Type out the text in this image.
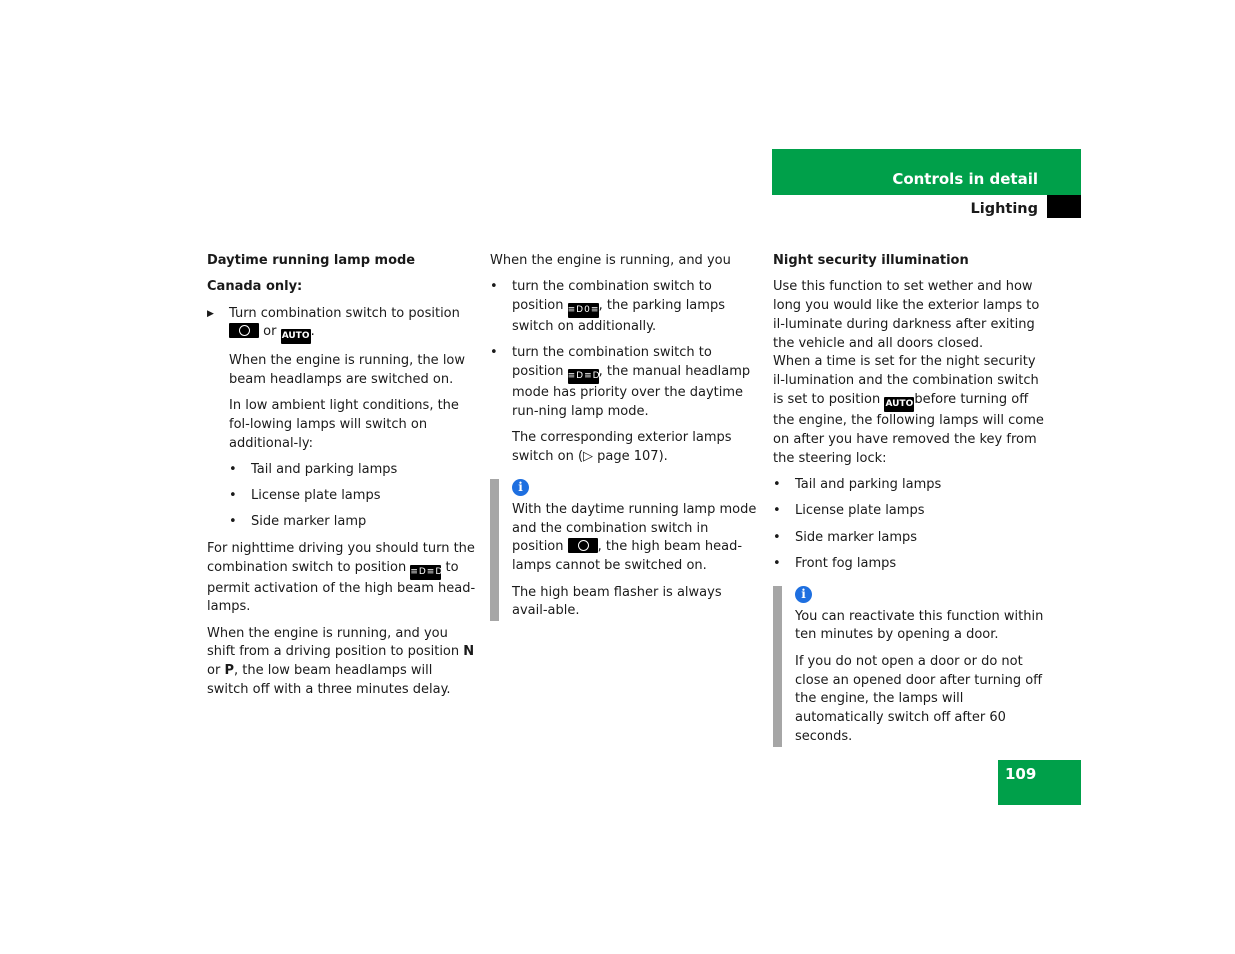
Controls in detail
Lighting

Daytime running lamp mode

Canada only:

▶ Turn combination switch to position  or AUTO.

When the engine is running, the low beam headlamps are switched on.

In low ambient light conditions, the fol-lowing lamps will switch on additional-ly:

• Tail and parking lamps
• License plate lamps
• Side marker lamp

For nighttime driving you should turn the combination switch to position ≡D≡D to permit activation of the high beam head-lamps.

When the engine is running, and you shift from a driving position to position N or P, the low beam headlamps will switch off with a three minutes delay.

When the engine is running, and you

• turn the combination switch to position ≡D0≡, the parking lamps switch on additionally.
• turn the combination switch to position ≡D≡D, the manual headlamp mode has priority over the daytime run-ning lamp mode.

The corresponding exterior lamps switch on (▷ page 107).

i

With the daytime running lamp mode and the combination switch in position	, the high beam head-lamps cannot be switched on.

The high beam flasher is always avail-able.

Night security illumination

Use this function to set wether and how long you would like the exterior lamps to il-luminate during darkness after exiting the vehicle and all doors closed.

When a time is set for the night security il-lumination and the combination switch is set to position AUTObefore turning off the engine, the following lamps will come on after you have removed the key from the steering lock:

• Tail and parking lamps
• License plate lamps
• Side marker lamps
• Front fog lamps
i

You can reactivate this function within ten minutes by opening a door.

If you do not open a door or do not close an opened door after turning off the engine, the lamps will automatically switch off after 60 seconds.

109
